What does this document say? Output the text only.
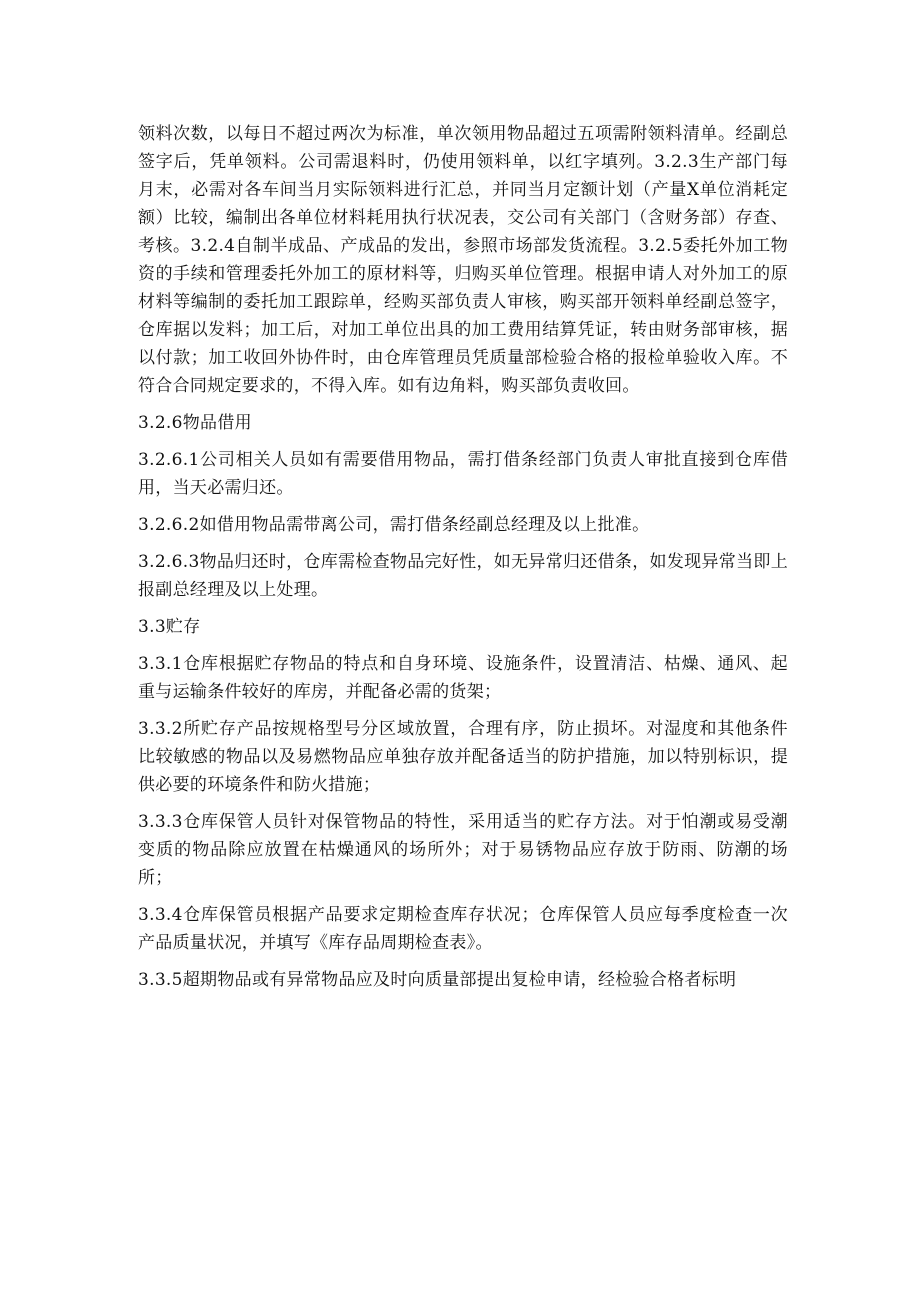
领料次数，以每日不超过两次为标准，单次领用物品超过五项需附领料清单。经副总签字后，凭单领料。公司需退料时，仍使用领料单，以红字填列。3.2.3生产部门每月末，必需对各车间当月实际领料进行汇总，并同当月定额计划（产量X单位消耗定额）比较，编制出各单位材料耗用执行状况表，交公司有关部门（含财务部）存查、考核。3.2.4自制半成品、产成品的发出，参照市场部发货流程。3.2.5委托外加工物资的手续和管理委托外加工的原材料等，归购买单位管理。根据申请人对外加工的原材料等编制的委托加工跟踪单，经购买部负责人审核，购买部开领料单经副总签字，仓库据以发料；加工后，对加工单位出具的加工费用结算凭证，转由财务部审核，据以付款；加工收回外协件时，由仓库管理员凭质量部检验合格的报检单验收入库。不符合合同规定要求的，不得入库。如有边角料，购买部负责收回。

3.2.6物品借用

3.2.6.1公司相关人员如有需要借用物品，需打借条经部门负责人审批直接到仓库借用，当天必需归还。

3.2.6.2如借用物品需带离公司，需打借条经副总经理及以上批准。

3.2.6.3物品归还时，仓库需检查物品完好性，如无异常归还借条，如发现异常当即上报副总经理及以上处理。

3.3贮存

3.3.1仓库根据贮存物品的特点和自身环境、设施条件，设置清洁、枯燥、通风、起重与运输条件较好的库房，并配备必需的货架；

3.3.2所贮存产品按规格型号分区域放置，合理有序，防止损坏。对湿度和其他条件比较敏感的物品以及易燃物品应单独存放并配备适当的防护措施，加以特别标识，提供必要的环境条件和防火措施；

3.3.3仓库保管人员针对保管物品的特性，采用适当的贮存方法。对于怕潮或易受潮变质的物品除应放置在枯燥通风的场所外；对于易锈物品应存放于防雨、防潮的场所；

3.3.4仓库保管员根据产品要求定期检查库存状况；仓库保管人员应每季度检查一次产品质量状况，并填写《库存品周期检查表》。

3.3.5超期物品或有异常物品应及时向质量部提出复检申请，经检验合格者标明
